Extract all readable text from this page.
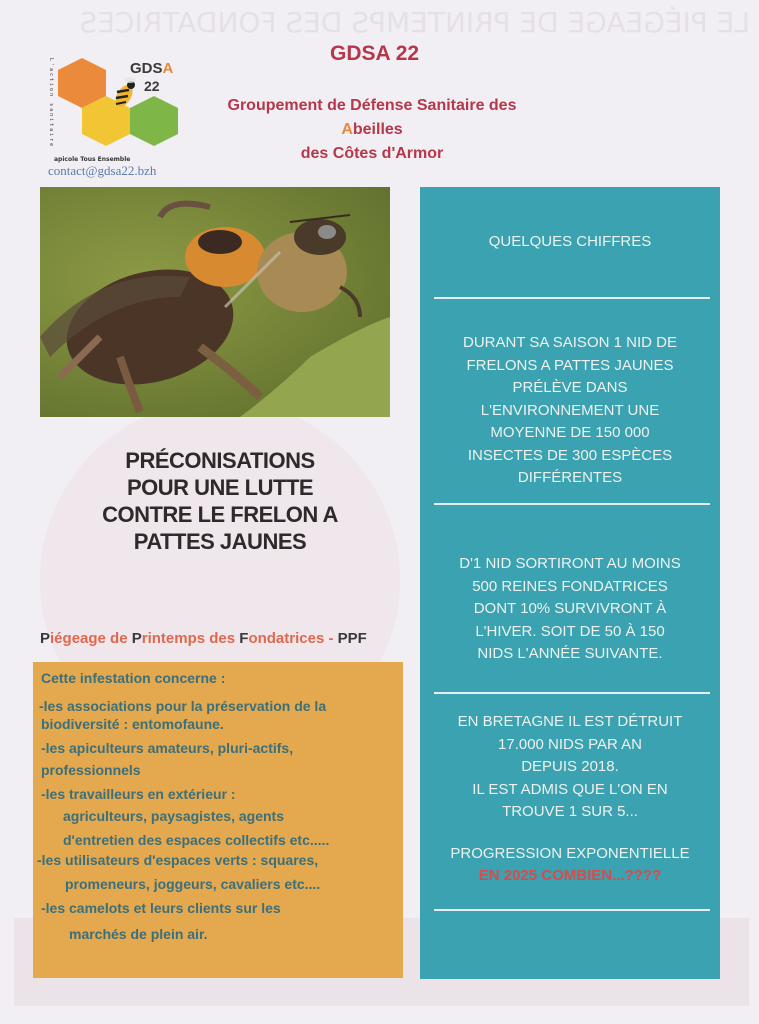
LE PIÉGEAGE DE PRINTEMPS DES FONDATRICES
L'action sanitaire	GDSA
22
apicole Tous Ensemble
contact@gdsa22.bzh
GDSA 22
Groupement de Défense Sanitaire des Abeilles
des Côtes d'Armor
PRÉCONISATIONS
POUR UNE LUTTE
CONTRE LE FRELON A
PATTES JAUNES
Piégeage de Printemps des Fondatrices - PPF
Cette infestation concerne :
-les associations pour la préservation de la
biodiversité : entomofaune.
-les apiculteurs amateurs, pluri-actifs,
professionnels
-les travailleurs en extérieur :
agriculteurs, paysagistes, agents
d'entretien des espaces collectifs etc.....
-les utilisateurs d'espaces verts : squares,
promeneurs, joggeurs, cavaliers etc....
-les camelots et leurs clients sur les
marchés de plein air.
QUELQUES CHIFFRES
DURANT SA SAISON 1 NID DE
FRELONS A PATTES JAUNES
PRÉLÈVE DANS
L'ENVIRONNEMENT UNE
MOYENNE DE 150 000
INSECTES DE 300 ESPÈCES
DIFFÉRENTES
D'1 NID SORTIRONT AU MOINS
500 REINES FONDATRICES
DONT 10% SURVIVRONT À
L'HIVER. SOIT DE 50 À 150
NIDS L'ANNÉE SUIVANTE.
EN BRETAGNE IL EST DÉTRUIT
17.000 NIDS PAR AN
DEPUIS 2018.
IL EST ADMIS QUE L'ON EN
TROUVE 1 SUR 5...
PROGRESSION EXPONENTIELLE
EN 2025 COMBIEN...????
